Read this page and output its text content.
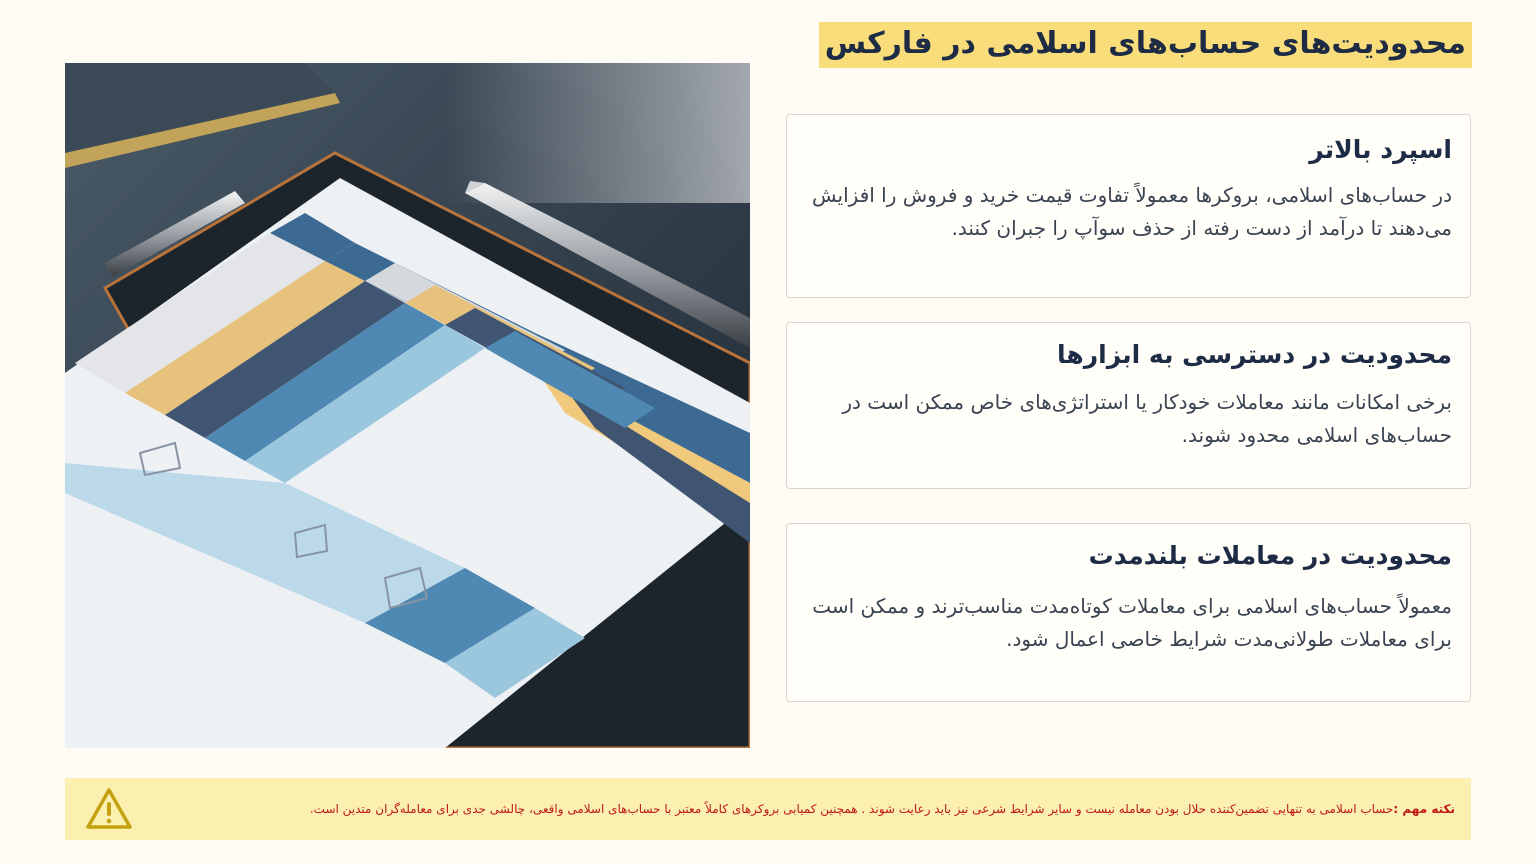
محدودیت‌های حساب‌های اسلامی در فارکس
اسپرد بالاتر

در حساب‌های اسلامی، بروکرها معمولاً تفاوت قیمت خرید و فروش را افزایش می‌دهند تا درآمد از دست رفته از حذف سوآپ را جبران کنند.

محدودیت در دسترسی به ابزارها

برخی امکانات مانند معاملات خودکار یا استراتژی‌های خاص ممکن است در حساب‌های اسلامی محدود شوند.

محدودیت در معاملات بلندمدت

معمولاً حساب‌های اسلامی برای معاملات کوتاه‌مدت مناسب‌ترند و ممکن است برای معاملات طولانی‌مدت شرایط خاصی اعمال شود.

نکته مهم :حساب اسلامی به تنهایی تضمین‌کننده حلال بودن معامله نیست و سایر شرایط شرعی نیز باید رعایت شوند . همچنین کمیابی بروکرهای کاملاً معتبر با حساب‌های اسلامی واقعی، چالشی جدی برای معامله‌گران متدین است.
